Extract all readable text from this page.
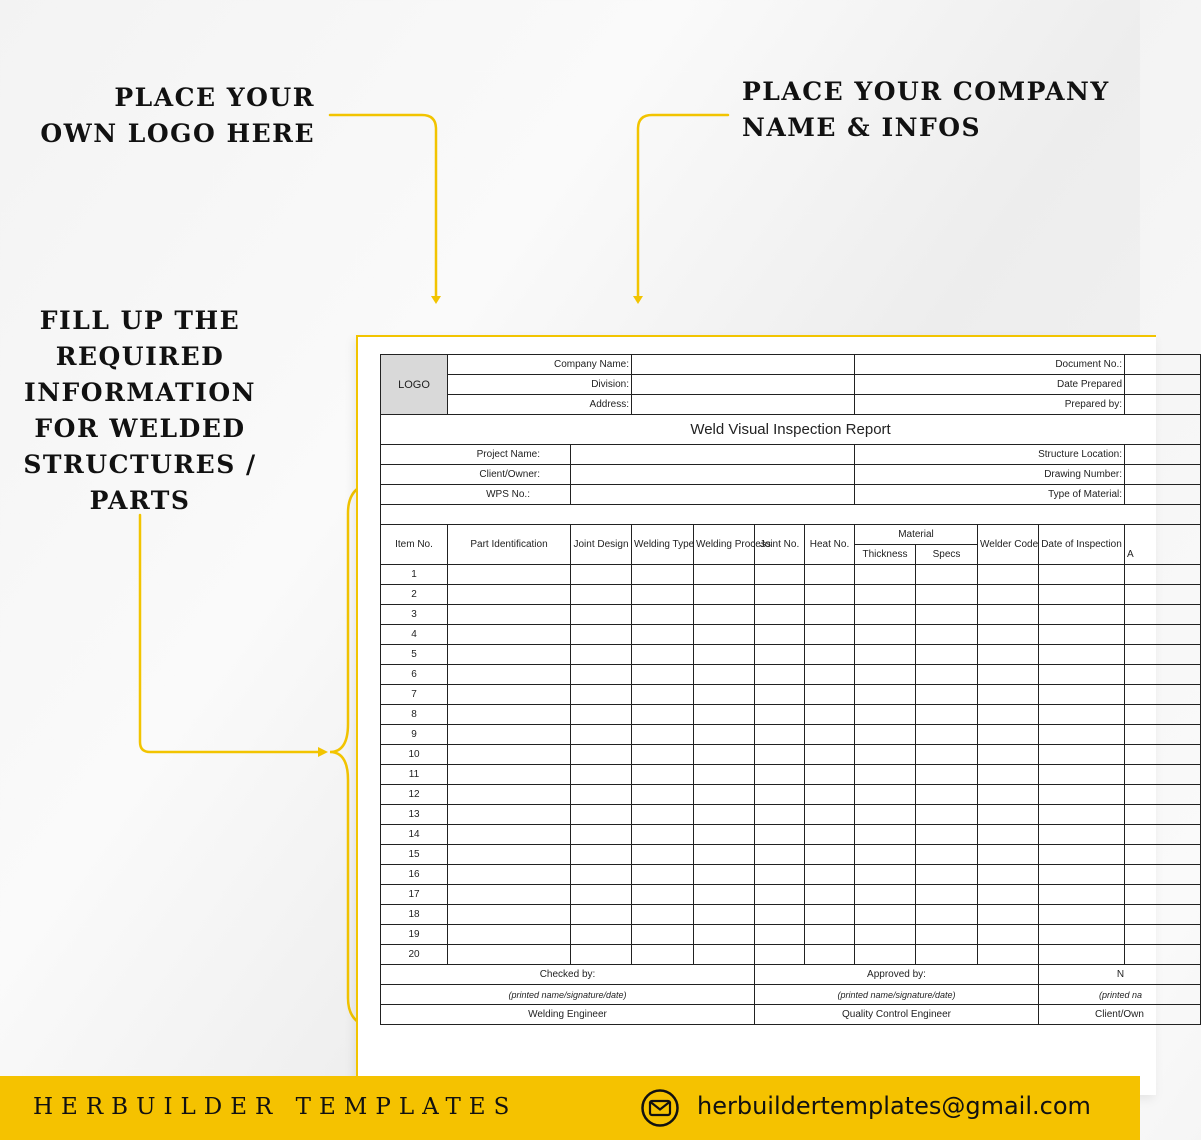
PLACE YOUR OWN LOGO HERE
PLACE YOUR COMPANY NAME & INFOS
FILL UP THE REQUIRED INFORMATION FOR WELDED STRUCTURES / PARTS
LOGO	Company Name:						Document No.:				
	Division:						Date Prepared				
	Address:						Prepared by:				
Weld Visual Inspection Report											
Project Name:							Structure Location:				
Client/Owner:							Drawing Number:				
WPS No.:							Type of Material:				

Item No.	Part Identification	Joint Design	Welding Type	Welding Process	Joint No.	Heat No.	Material		Welder Code	Date of Inspection	A
							Thickness	Specs			
1											
2											
3											
4											
5											
6											
7											
8											
9											
10											
11											
12											
13											
14											
15											
16											
17											
18											
19											
20											
Checked by:					Approved by:					N	
(printed name/signature/date)					(printed name/signature/date)					(printed na	
Welding Engineer					Quality Control Engineer					Client/Own	
HERBUILDER TEMPLATES	herbuildertemplates@gmail.com
